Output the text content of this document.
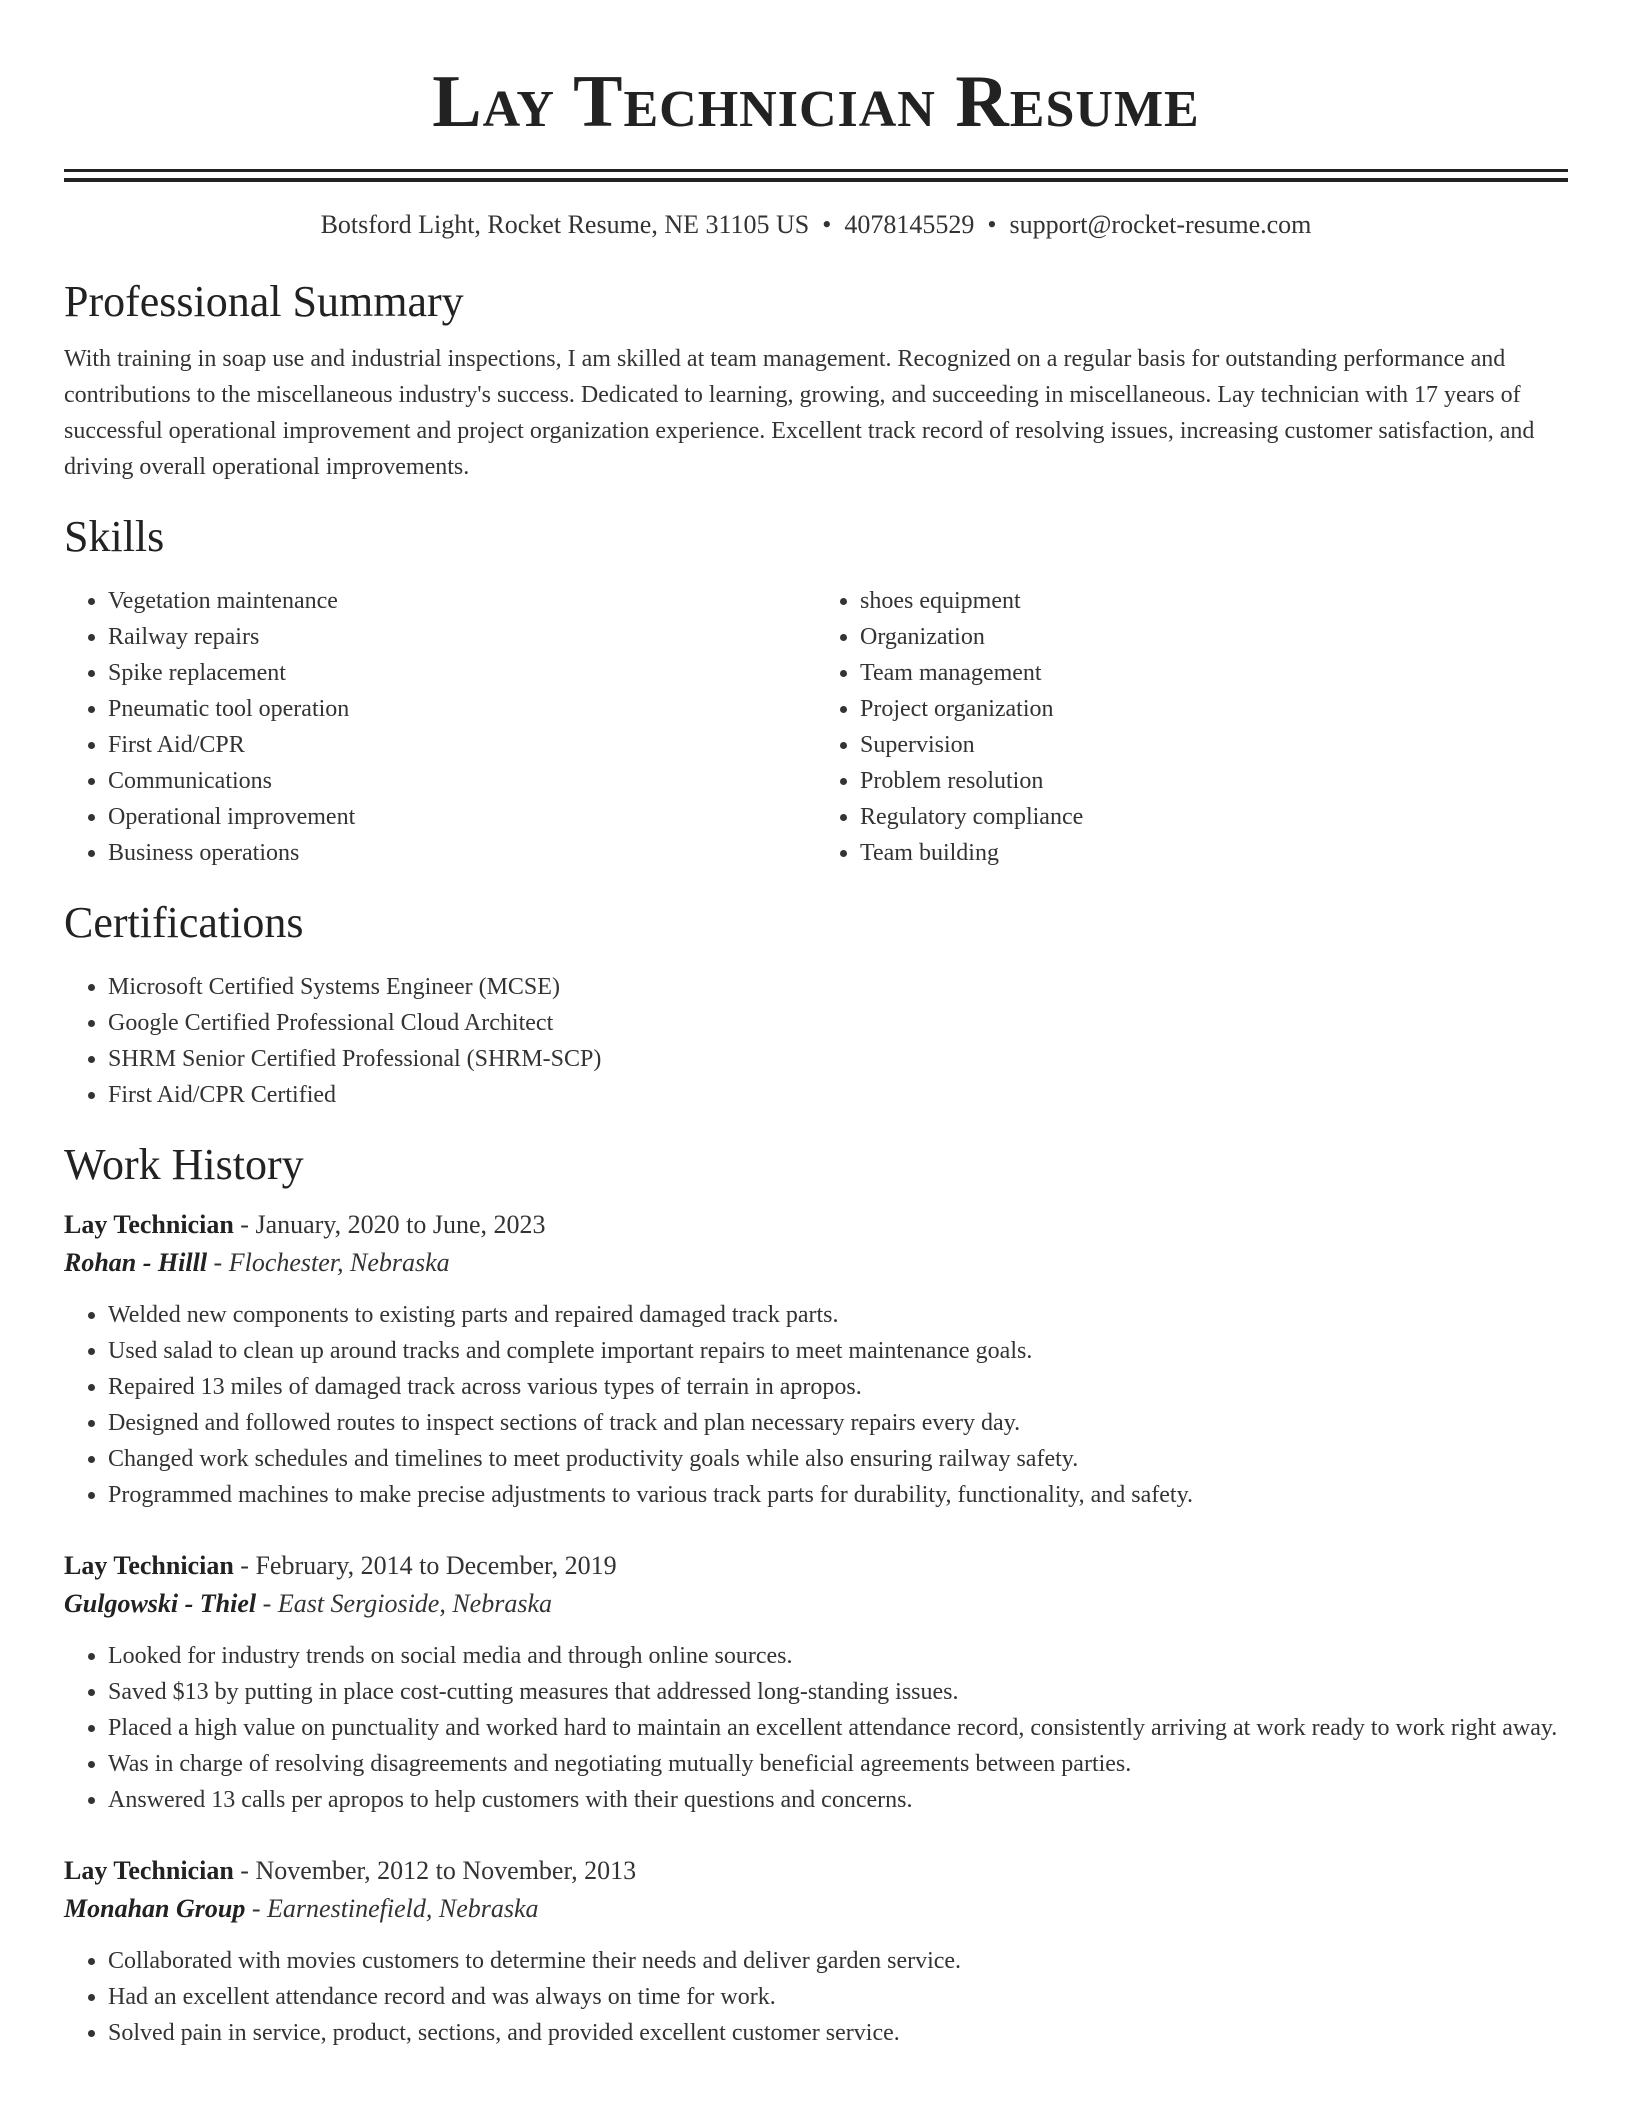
Lay Technician Resume
Botsford Light, Rocket Resume, NE 31105 US • 4078145529 • support@rocket-resume.com
Professional Summary

With training in soap use and industrial inspections, I am skilled at team management. Recognized on a regular basis for outstanding performance and contributions to the miscellaneous industry's success. Dedicated to learning, growing, and succeeding in miscellaneous. Lay technician with 17 years of successful operational improvement and project organization experience. Excellent track record of resolving issues, increasing customer satisfaction, and driving overall operational improvements.

Skills
• Vegetation maintenance
• Railway repairs
• Spike replacement
• Pneumatic tool operation
• First Aid/CPR
• Communications
• Operational improvement
• Business operations
• shoes equipment
• Organization
• Team management
• Project organization
• Supervision
• Problem resolution
• Regulatory compliance
• Team building
Certifications
• Microsoft Certified Systems Engineer (MCSE)
• Google Certified Professional Cloud Architect
• SHRM Senior Certified Professional (SHRM-SCP)
• First Aid/CPR Certified
Work History
Lay Technician - January, 2020 to June, 2023
Rohan - Hilll - Flochester, Nebraska
• Welded new components to existing parts and repaired damaged track parts.
• Used salad to clean up around tracks and complete important repairs to meet maintenance goals.
• Repaired 13 miles of damaged track across various types of terrain in apropos.
• Designed and followed routes to inspect sections of track and plan necessary repairs every day.
• Changed work schedules and timelines to meet productivity goals while also ensuring railway safety.
• Programmed machines to make precise adjustments to various track parts for durability, functionality, and safety.
Lay Technician - February, 2014 to December, 2019
Gulgowski - Thiel - East Sergioside, Nebraska
• Looked for industry trends on social media and through online sources.
• Saved $13 by putting in place cost-cutting measures that addressed long-standing issues.
• Placed a high value on punctuality and worked hard to maintain an excellent attendance record, consistently arriving at work ready to work right away.
• Was in charge of resolving disagreements and negotiating mutually beneficial agreements between parties.
• Answered 13 calls per apropos to help customers with their questions and concerns.
Lay Technician - November, 2012 to November, 2013
Monahan Group - Earnestinefield, Nebraska
• Collaborated with movies customers to determine their needs and deliver garden service.
• Had an excellent attendance record and was always on time for work.
• Solved pain in service, product, sections, and provided excellent customer service.
